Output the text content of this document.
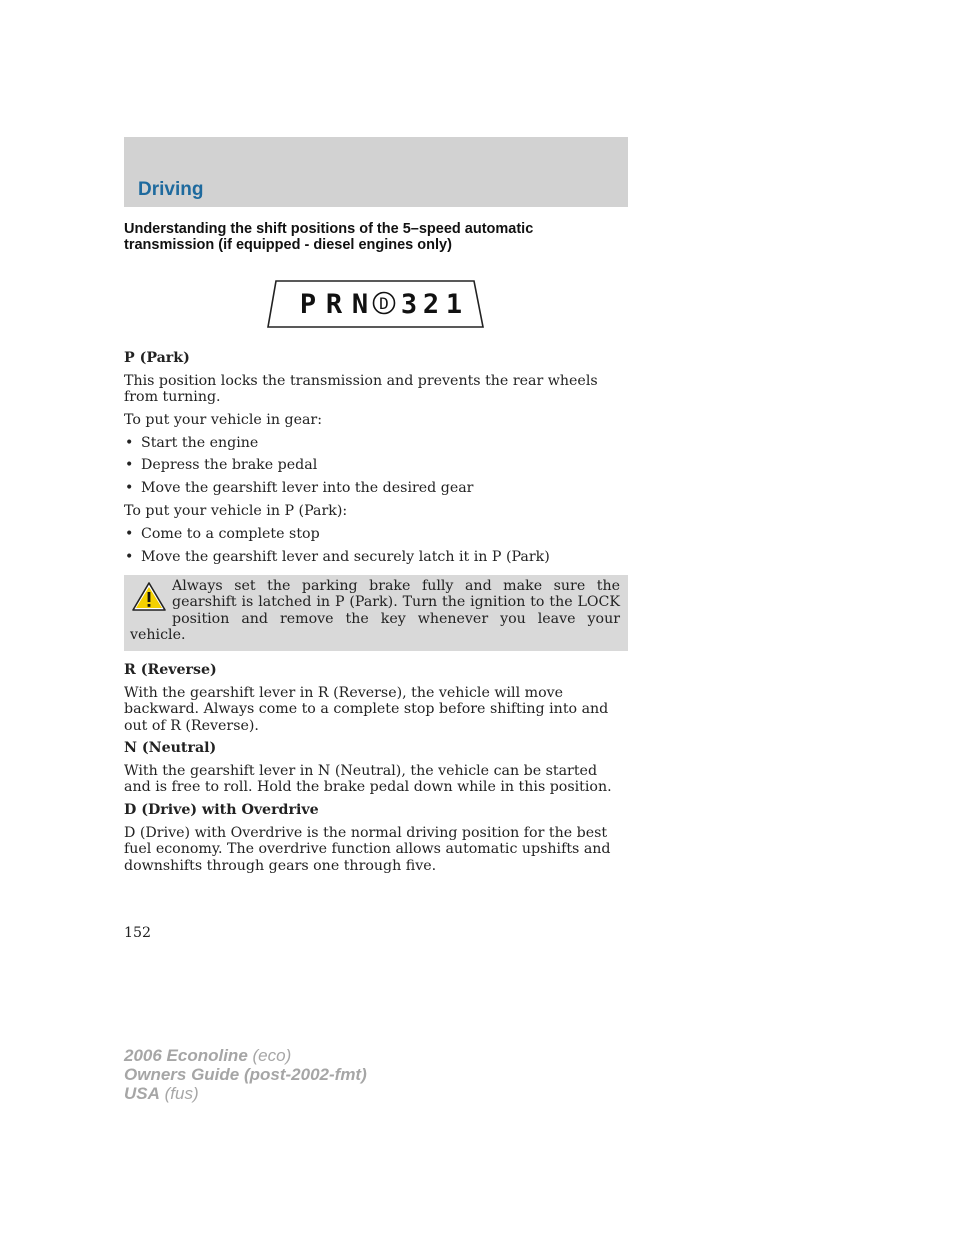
Driving
Understanding the shift positions of the 5–speed automatic
transmission (if equipped - diesel engines only)
P R N D 3 2 1

P (Park)

This position locks the transmission and prevents the rear wheels from turning.

To put your vehicle in gear:

• Start the engine
• Depress the brake pedal
• Move the gearshift lever into the desired gear

To put your vehicle in P (Park):

• Come to a complete stop
• Move the gearshift lever and securely latch it in P (Park)

Always set the parking brake fully and make sure the gearshift is latched in P (Park). Turn the ignition to the LOCK position and remove the key whenever you leave your vehicle.

R (Reverse)

With the gearshift lever in R (Reverse), the vehicle will move backward. Always come to a complete stop before shifting into and out of R (Reverse).

N (Neutral)

With the gearshift lever in N (Neutral), the vehicle can be started and is free to roll. Hold the brake pedal down while in this position.

D (Drive) with Overdrive

D (Drive) with Overdrive is the normal driving position for the best fuel economy. The overdrive function allows automatic upshifts and downshifts through gears one through five.

152
2006 Econoline (eco)
Owners Guide (post-2002-fmt)
USA (fus)
